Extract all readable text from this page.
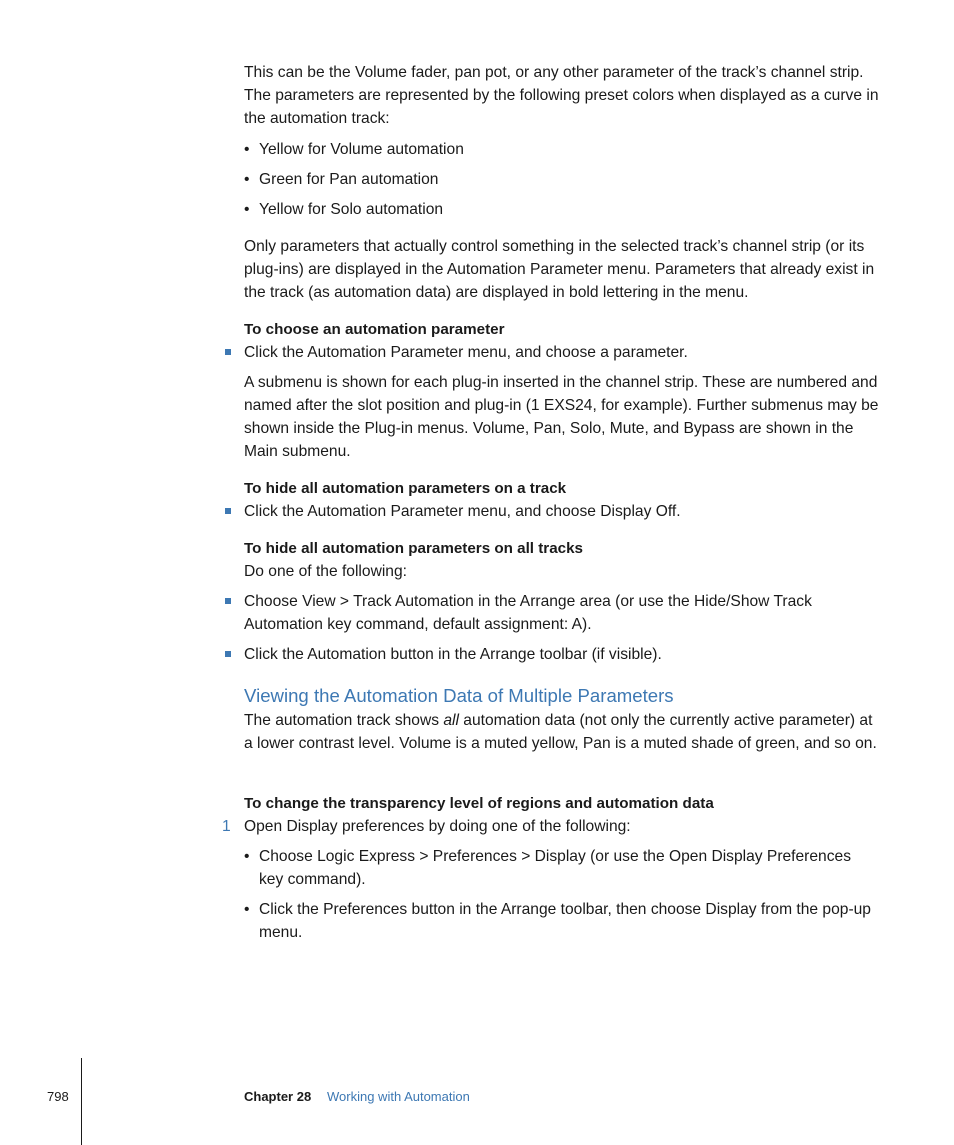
This can be the Volume fader, pan pot, or any other parameter of the track’s channel strip. The parameters are represented by the following preset colors when displayed as a curve in the automation track:

• Yellow for Volume automation

• Green for Pan automation

• Yellow for Solo automation

Only parameters that actually control something in the selected track’s channel strip (or its plug-ins) are displayed in the Automation Parameter menu. Parameters that already exist in the track (as automation data) are displayed in bold lettering in the menu.

To choose an automation parameter

Click the Automation Parameter menu, and choose a parameter.

A submenu is shown for each plug-in inserted in the channel strip. These are numbered and named after the slot position and plug-in (1 EXS24, for example). Further submenus may be shown inside the Plug-in menus. Volume, Pan, Solo, Mute, and Bypass are shown in the Main submenu.

To hide all automation parameters on a track

Click the Automation Parameter menu, and choose Display Off.

To hide all automation parameters on all tracks

Do one of the following:

Choose View > Track Automation in the Arrange area (or use the Hide/Show Track Automation key command, default assignment: A).

Click the Automation button in the Arrange toolbar (if visible).

Viewing the Automation Data of Multiple Parameters

The automation track shows all automation data (not only the currently active parameter) at a lower contrast level. Volume is a muted yellow, Pan is a muted shade of green, and so on.

To change the transparency level of regions and automation data

1 Open Display preferences by doing one of the following:

• Choose Logic Express > Preferences > Display (or use the Open Display Preferences key command).

• Click the Preferences button in the Arrange toolbar, then choose Display from the pop-up menu.

798	Chapter 28 Working with Automation
